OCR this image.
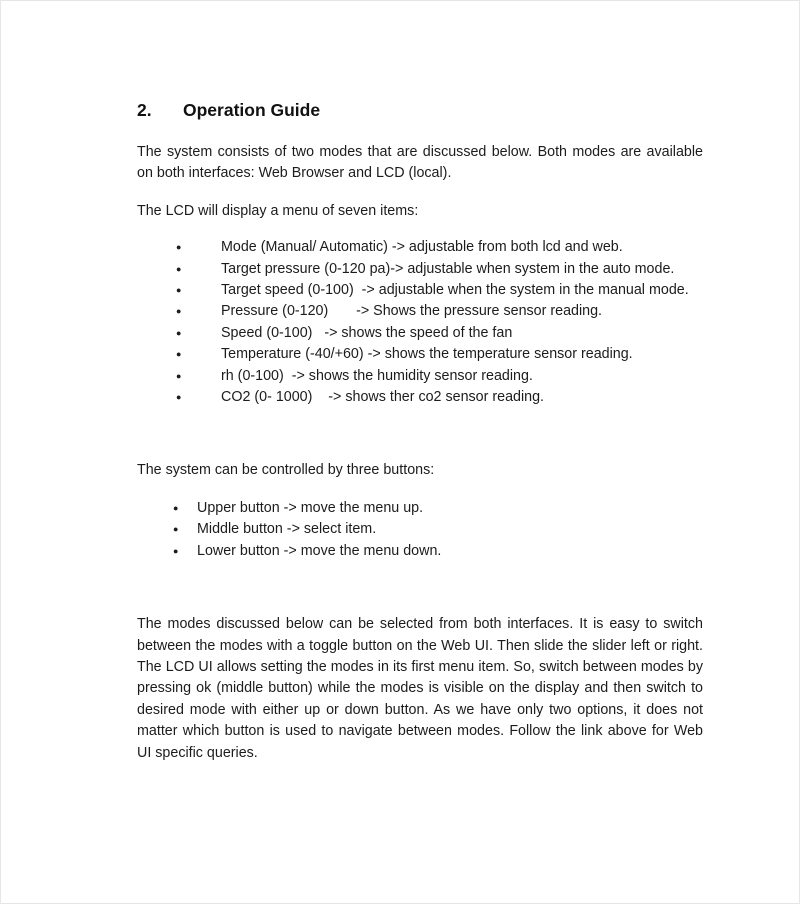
2.	Operation Guide

The system consists of two modes that are discussed below. Both modes are available on both interfaces: Web Browser and LCD (local).

The LCD will display a menu of seven items:

●	Mode (Manual/ Automatic) -> adjustable from both lcd and web.
●	Target pressure (0-120 pa)-> adjustable when system in the auto mode.
●	Target speed (0-100)  -> adjustable when the system in the manual mode.
●	Pressure (0-120)       -> Shows the pressure sensor reading.
●	Speed (0-100)   -> shows the speed of the fan
●	Temperature (-40/+60) -> shows the temperature sensor reading.
●	rh (0-100)  -> shows the humidity sensor reading.
●	CO2 (0- 1000)    -> shows ther co2 sensor reading.

The system can be controlled by three buttons:

● Upper button -> move the menu up.
● Middle button -> select item.
● Lower button -> move the menu down.

The modes discussed below can be selected from both interfaces. It is easy to switch between the modes with a toggle button on the Web UI. Then slide the slider left or right. The LCD UI allows setting the modes in its first menu item. So, switch between modes by pressing ok (middle button) while the modes is visible on the display and then switch to desired mode with either up or down button. As we have only two options, it does not matter which button is used to navigate between modes. Follow the link above for Web UI specific queries.
